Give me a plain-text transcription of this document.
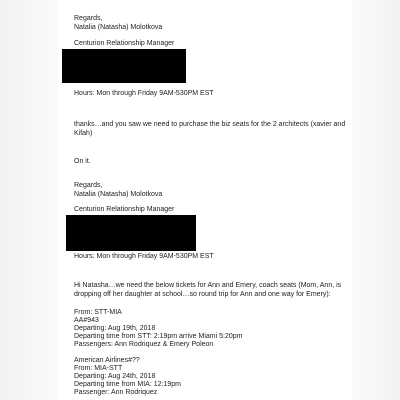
Regards,
Natalia (Natasha) Molotkova
Centurion Relationship Manager
Hours: Mon through Friday 9AM-530PM EST
thanks…and you saw we need to purchase the biz seats for the 2 architects (xavier and
Kifah)
On it.
Regards,
Natalia (Natasha) Molotkova
Centurion Relationship Manager
Hours: Mon through Friday 9AM-530PM EST
Hi Natasha…we need the below tickets for Ann and Emery, coach seats (Mom, Ann, is
dropping off her daughter at school…so round trip for Ann and one way for Emery):
From: STT-MIA
AA#943
Departing: Aug 19th, 2018
Departing time from STT: 2:19pm arrive Miami 5:20pm
Passengers: Ann Rodriquez & Emery Poleon
American Airlines#??
From: MIA-STT
Departing: Aug 24th, 2018
Departing time from MIA: 12:19pm
Passenger: Ann Rodriquez
